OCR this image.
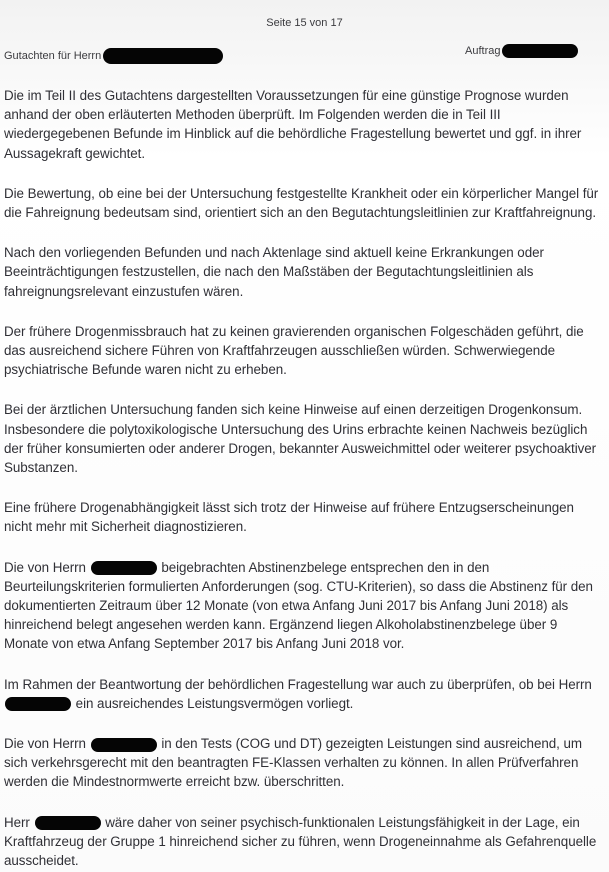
Seite 15 von 17
Gutachten für Herrn	Auftrag

Die im Teil II des Gutachtens dargestellten Voraussetzungen für eine günstige Prognose wurden anhand der oben erläuterten Methoden überprüft. Im Folgenden werden die in Teil III wiedergegebenen Befunde im Hinblick auf die behördliche Fragestellung bewertet und ggf. in ihrer Aussagekraft gewichtet.

Die Bewertung, ob eine bei der Untersuchung festgestellte Krankheit oder ein körperlicher Mangel für die Fahreignung bedeutsam sind, orientiert sich an den Begutachtungsleitlinien zur Kraftfahreignung.

Nach den vorliegenden Befunden und nach Aktenlage sind aktuell keine Erkrankungen oder Beeinträchtigungen festzustellen, die nach den Maßstäben der Begutachtungsleitlinien als fahreignungsrelevant einzustufen wären.

Der frühere Drogenmissbrauch hat zu keinen gravierenden organischen Folgeschäden geführt, die das ausreichend sichere Führen von Kraftfahrzeugen ausschließen würden. Schwerwiegende psychiatrische Befunde waren nicht zu erheben.

Bei der ärztlichen Untersuchung fanden sich keine Hinweise auf einen derzeitigen Drogenkonsum. Insbesondere die polytoxikologische Untersuchung des Urins erbrachte keinen Nachweis bezüglich der früher konsumierten oder anderer Drogen, bekannter Ausweichmittel oder weiterer psychoaktiver Substanzen.

Eine frühere Drogenabhängigkeit lässt sich trotz der Hinweise auf frühere Entzugserscheinungen nicht mehr mit Sicherheit diagnostizieren.

Die von Herrn	beigebrachten Abstinenzbelege entsprechen den in den Beurteilungskriterien formulierten Anforderungen (sog. CTU-Kriterien), so dass die Abstinenz für den dokumentierten Zeitraum über 12 Monate (von etwa Anfang Juni 2017 bis Anfang Juni 2018) als hinreichend belegt angesehen werden kann. Ergänzend liegen Alkoholabstinenzbelege über 9 Monate von etwa Anfang September 2017 bis Anfang Juni 2018 vor.

Im Rahmen der Beantwortung der behördlichen Fragestellung war auch zu überprüfen, ob bei Herrn  ein ausreichendes Leistungsvermögen vorliegt.

Die von Herrn	in den Tests (COG und DT) gezeigten Leistungen sind ausreichend, um sich verkehrsgerecht mit den beantragten FE-Klassen verhalten zu können. In allen Prüfverfahren werden die Mindestnormwerte erreicht bzw. überschritten.

Herr	wäre daher von seiner psychisch-funktionalen Leistungsfähigkeit in der Lage, ein Kraftfahrzeug der Gruppe 1 hinreichend sicher zu führen, wenn Drogeneinnahme als Gefahrenquelle ausscheidet.
